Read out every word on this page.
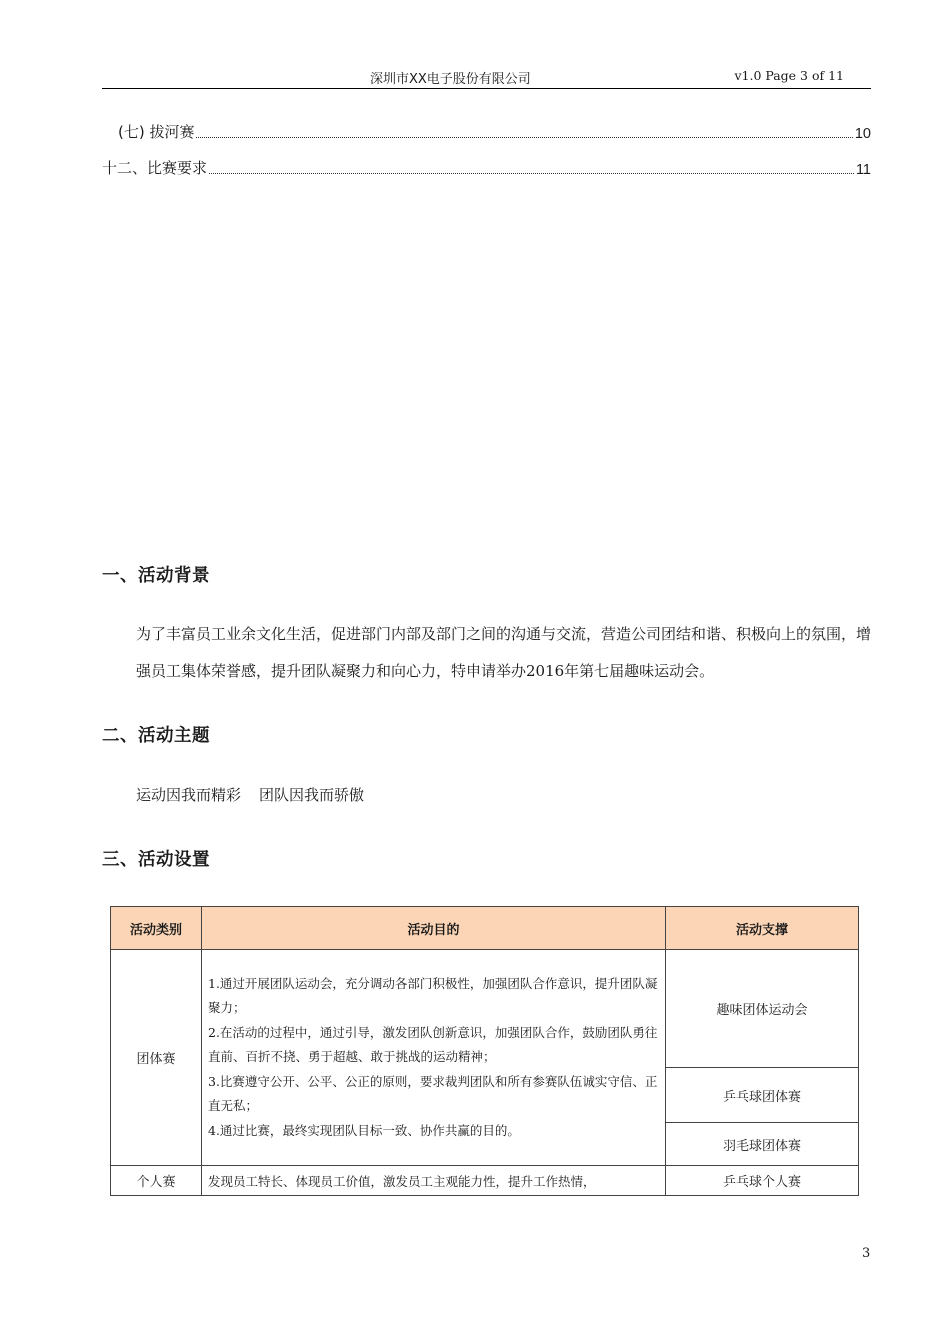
深圳市XX电子股份有限公司	v1.0 Page 3 of 11
(七) 拔河赛	10
十二、比赛要求	11
一、活动背景
为了丰富员工业余文化生活，促进部门内部及部门之间的沟通与交流，营造公司团结和谐、积极向上的氛围，增强员工集体荣誉感，提升团队凝聚力和向心力，特申请举办2016年第七届趣味运动会。
二、活动主题
运动因我而精彩 团队因我而骄傲
三、活动设置
活动类别	活动目的	活动支撑
团体赛	1.通过开展团队运动会，充分调动各部门积极性，加强团队合作意识，提升团队凝聚力；
2.在活动的过程中，通过引导，激发团队创新意识，加强团队合作，鼓励团队勇往直前、百折不挠、勇于超越、敢于挑战的运动精神；
3.比赛遵守公开、公平、公正的原则，要求裁判团队和所有参赛队伍诚实守信、正直无私；
4.通过比赛，最终实现团队目标一致、协作共赢的目的。	趣味团体运动会
		乒乓球团体赛
		羽毛球团体赛
个人赛	发现员工特长、体现员工价值，激发员工主观能力性，提升工作热情，	乒乓球个人赛
3
